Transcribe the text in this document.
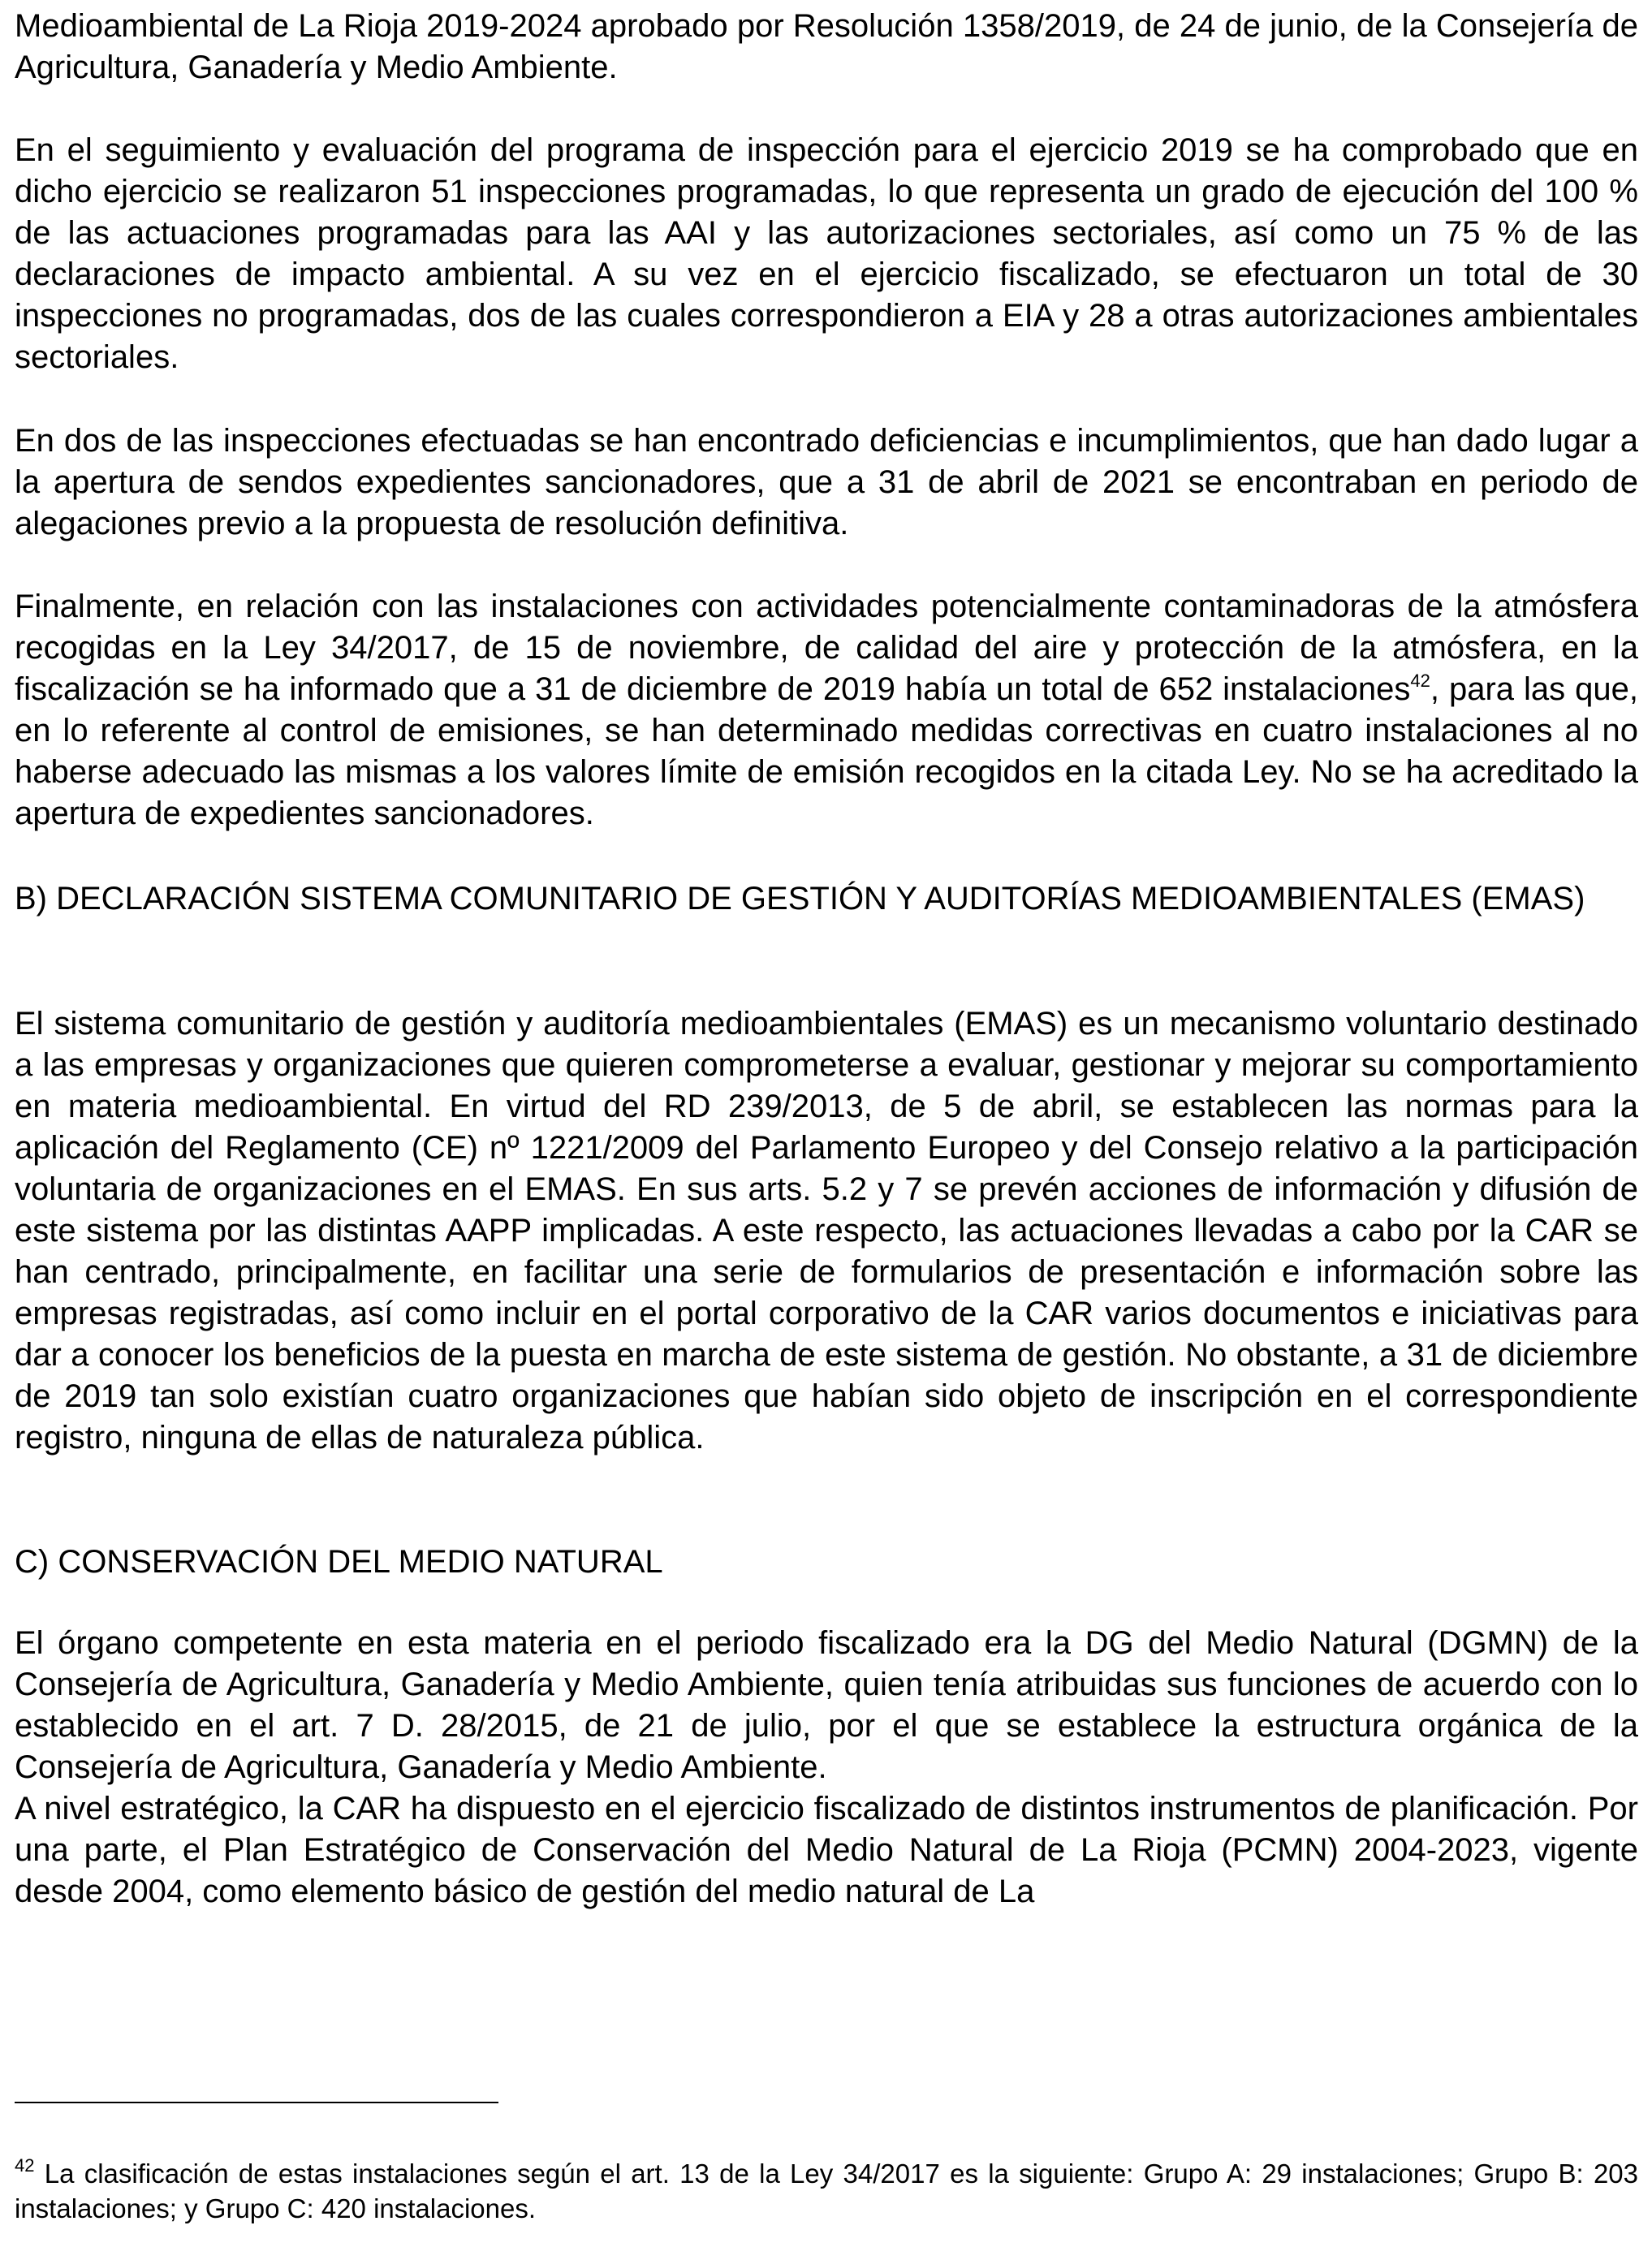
Medioambiental de La Rioja 2019-2024 aprobado por Resolución 1358/2019, de 24 de junio, de la Consejería de Agricultura, Ganadería y Medio Ambiente.

En el seguimiento y evaluación del programa de inspección para el ejercicio 2019 se ha comprobado que en dicho ejercicio se realizaron 51 inspecciones programadas, lo que representa un grado de ejecución del 100 % de las actuaciones programadas para las AAI y las autorizaciones sectoriales, así como un 75 % de las declaraciones de impacto ambiental. A su vez en el ejercicio fiscalizado, se efectuaron un total de 30 inspecciones no programadas, dos de las cuales correspondieron a EIA y 28 a otras autorizaciones ambientales sectoriales.

En dos de las inspecciones efectuadas se han encontrado deficiencias e incumplimientos, que han dado lugar a la apertura de sendos expedientes sancionadores, que a 31 de abril de 2021 se encontraban en periodo de alegaciones previo a la propuesta de resolución definitiva.

Finalmente, en relación con las instalaciones con actividades potencialmente contaminadoras de la atmósfera recogidas en la Ley 34/2017, de 15 de noviembre, de calidad del aire y protección de la atmósfera, en la fiscalización se ha informado que a 31 de diciembre de 2019 había un total de 652 instalaciones$^{42}$, para las que, en lo referente al control de emisiones, se han determinado medidas correctivas en cuatro instalaciones al no haberse adecuado las mismas a los valores límite de emisión recogidos en la citada Ley. No se ha acreditado la apertura de expedientes sancionadores.

B) DECLARACIÓN SISTEMA COMUNITARIO DE GESTIÓN Y AUDITORÍAS MEDIOAMBIENTALES (EMAS)

El sistema comunitario de gestión y auditoría medioambientales (EMAS) es un mecanismo voluntario destinado a las empresas y organizaciones que quieren comprometerse a evaluar, gestionar y mejorar su comportamiento en materia medioambiental. En virtud del RD 239/2013, de 5 de abril, se establecen las normas para la aplicación del Reglamento (CE) nº 1221/2009 del Parlamento Europeo y del Consejo relativo a la participación voluntaria de organizaciones en el EMAS. En sus arts. 5.2 y 7 se prevén acciones de información y difusión de este sistema por las distintas AAPP implicadas. A este respecto, las actuaciones llevadas a cabo por la CAR se han centrado, principalmente, en facilitar una serie de formularios de presentación e información sobre las empresas registradas, así como incluir en el portal corporativo de la CAR varios documentos e iniciativas para dar a conocer los beneficios de la puesta en marcha de este sistema de gestión. No obstante, a 31 de diciembre de 2019 tan solo existían cuatro organizaciones que habían sido objeto de inscripción en el correspondiente registro, ninguna de ellas de naturaleza pública.

C) CONSERVACIÓN DEL MEDIO NATURAL

El órgano competente en esta materia en el periodo fiscalizado era la DG del Medio Natural (DGMN) de la Consejería de Agricultura, Ganadería y Medio Ambiente, quien tenía atribuidas sus funciones de acuerdo con lo establecido en el art. 7 D. 28/2015, de 21 de julio, por el que se establece la estructura orgánica de la Consejería de Agricultura, Ganadería y Medio Ambiente.

A nivel estratégico, la CAR ha dispuesto en el ejercicio fiscalizado de distintos instrumentos de planificación. Por una parte, el Plan Estratégico de Conservación del Medio Natural de La Rioja (PCMN) 2004-2023, vigente desde 2004, como elemento básico de gestión del medio natural de La

$^{42}$ La clasificación de estas instalaciones según el art. 13 de la Ley 34/2017 es la siguiente: Grupo A: 29 instalaciones; Grupo B: 203 instalaciones; y Grupo C: 420 instalaciones.
